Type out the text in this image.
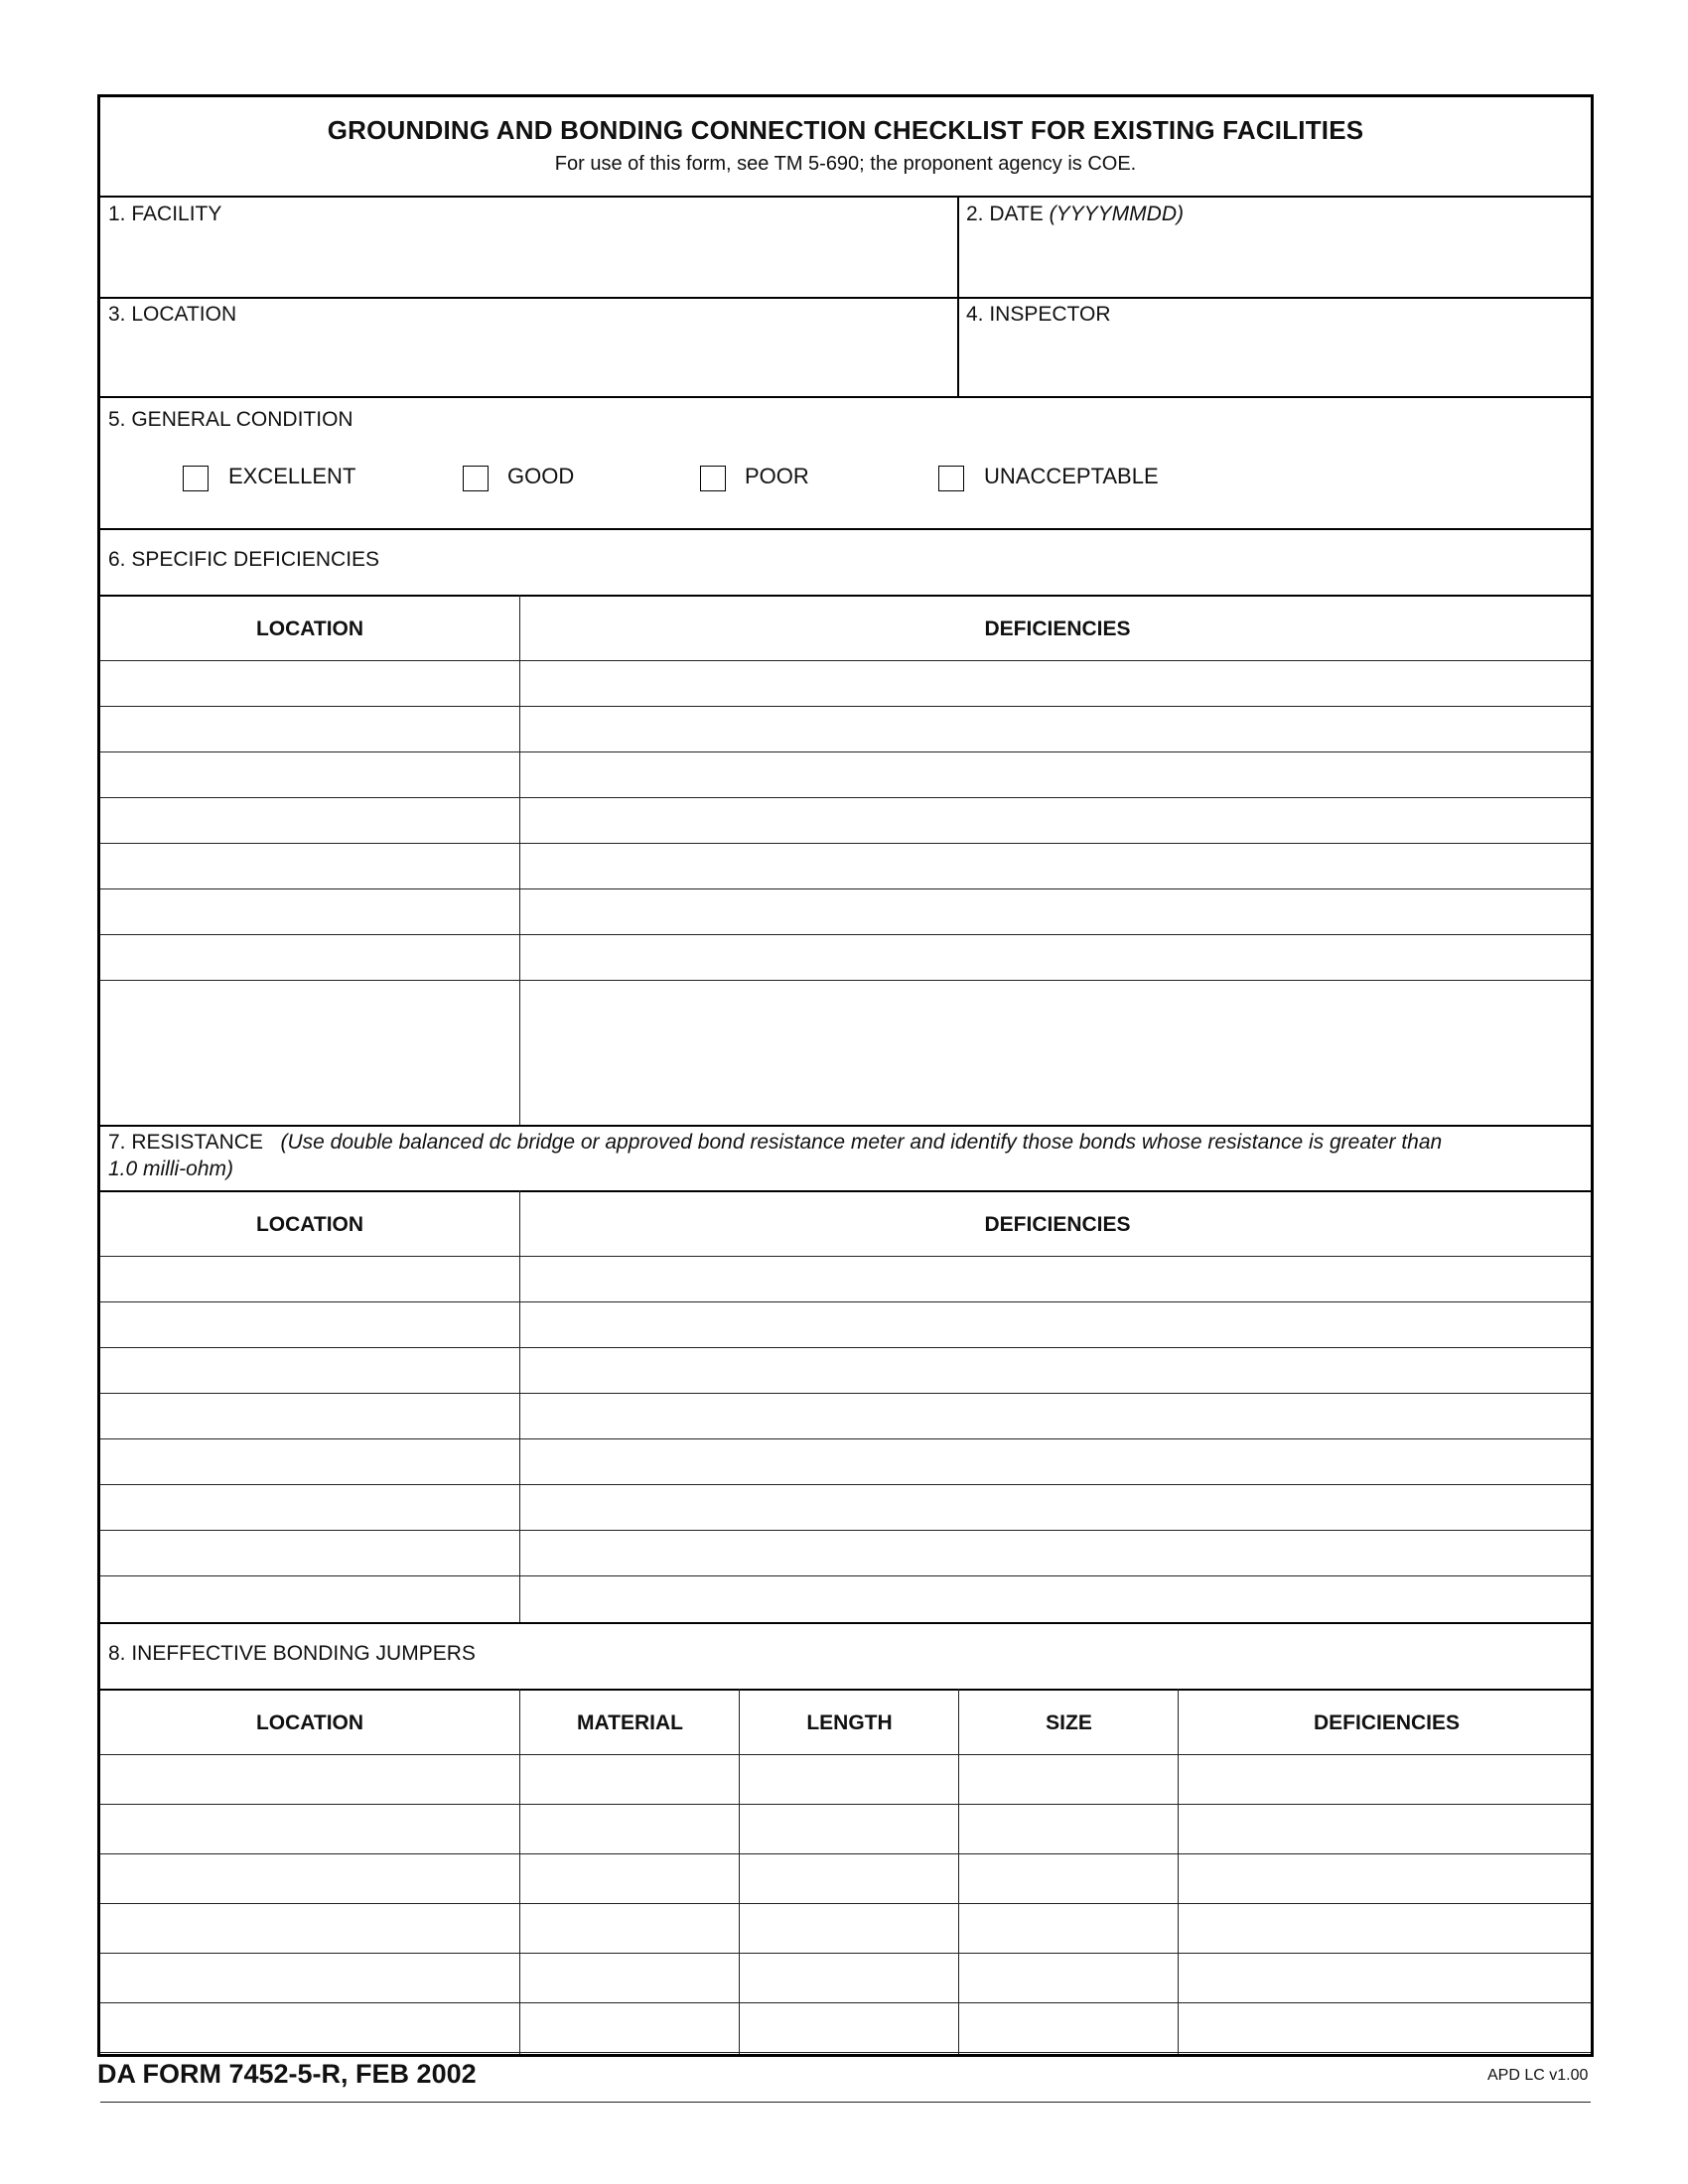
GROUNDING AND BONDING CONNECTION CHECKLIST FOR EXISTING FACILITIES
For use of this form, see TM 5-690; the proponent agency is COE.
1. FACILITY	2. DATE (YYYYMMDD)
3. LOCATION	4. INSPECTOR
5. GENERAL CONDITION
EXCELLENT	GOOD	POOR	UNACCEPTABLE
6. SPECIFIC DEFICIENCIES
LOCATION	DEFICIENCIES
7. RESISTANCE (Use double balanced dc bridge or approved bond resistance meter and identify those bonds whose resistance is greater than
1.0 milli-ohm)
LOCATION	DEFICIENCIES
8. INEFFECTIVE BONDING JUMPERS
LOCATION	MATERIAL	LENGTH	SIZE	DEFICIENCIES
DA FORM 7452-5-R, FEB 2002	APD LC v1.00
